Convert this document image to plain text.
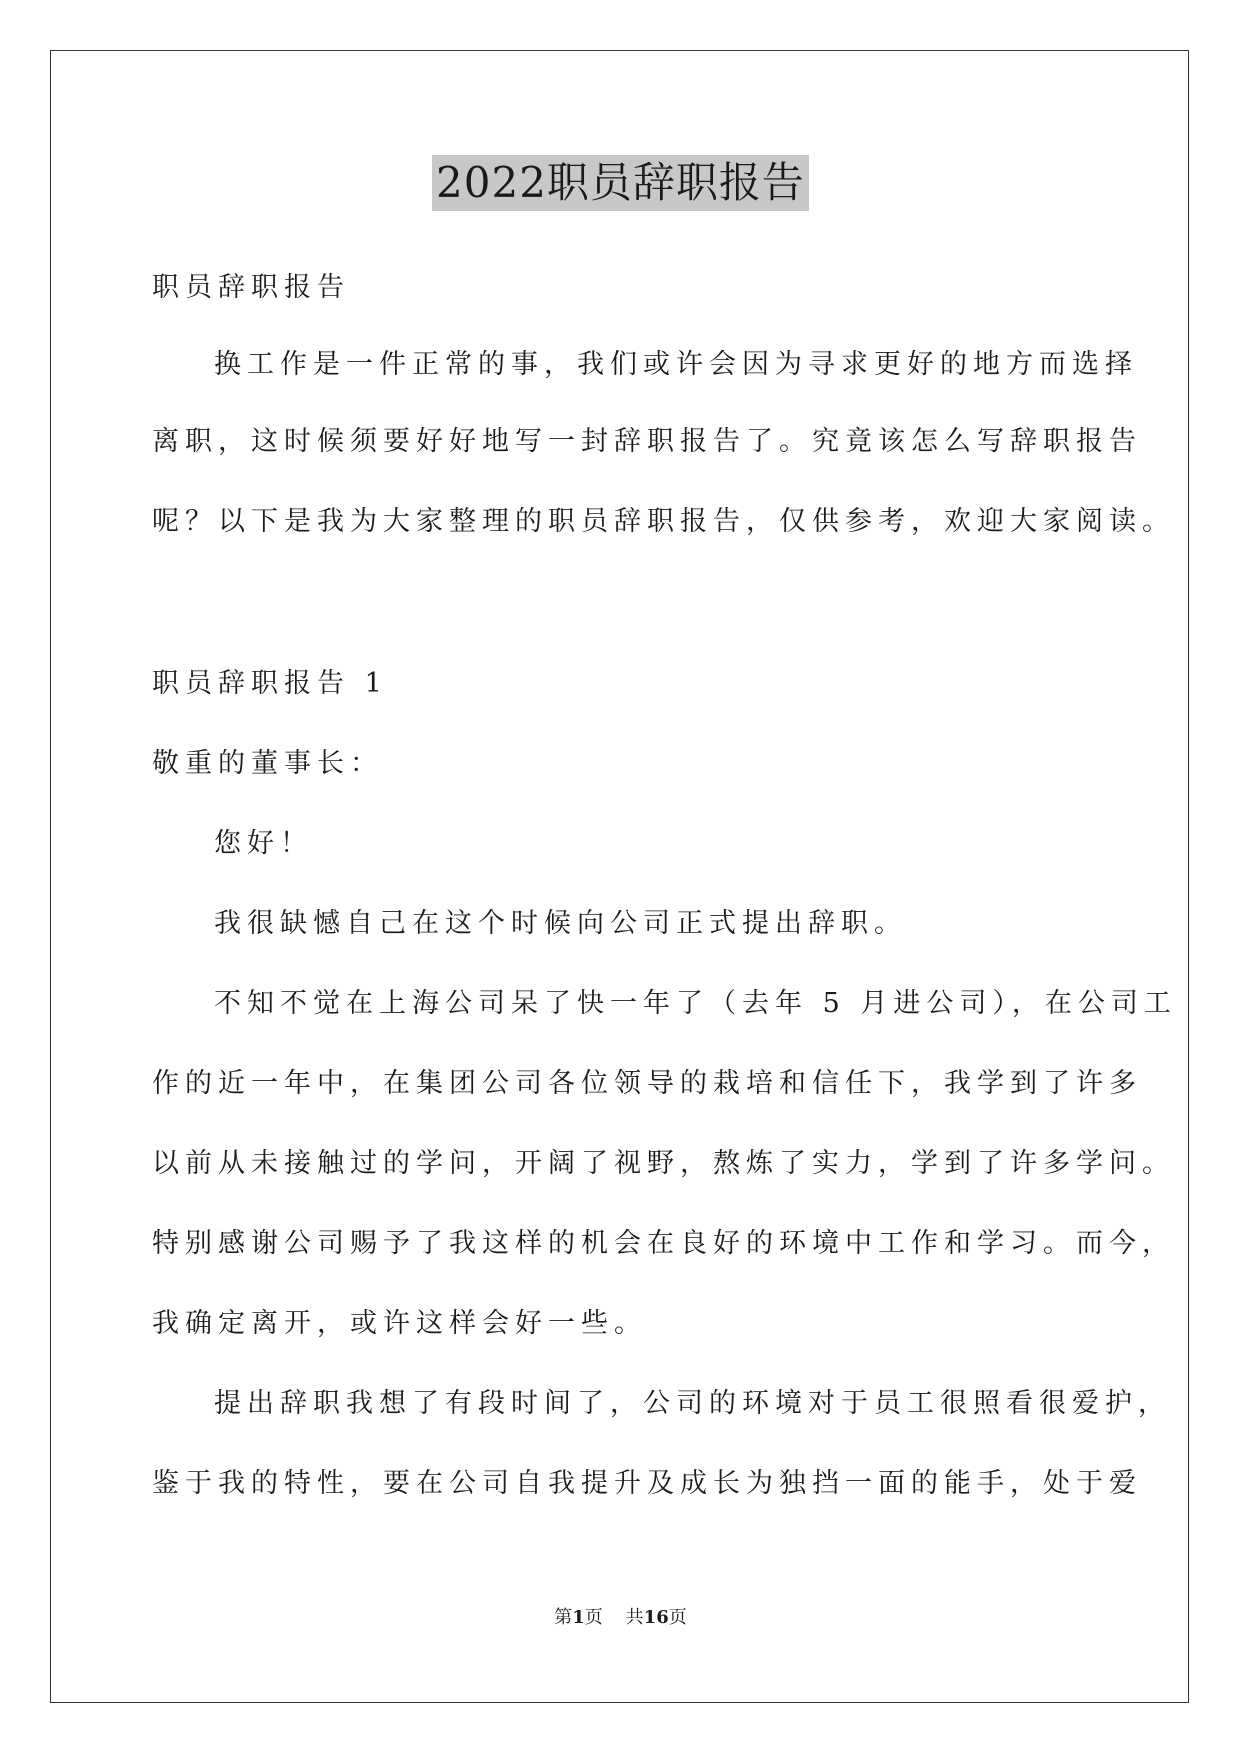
2022职员辞职报告
职员辞职报告
换工作是一件正常的事，我们或许会因为寻求更好的地方而选择
离职，这时候须要好好地写一封辞职报告了。究竟该怎么写辞职报告
呢？以下是我为大家整理的职员辞职报告，仅供参考，欢迎大家阅读。
职员辞职报告 1
敬重的董事长：
您好！
我很缺憾自己在这个时候向公司正式提出辞职。
不知不觉在上海公司呆了快一年了（去年 5 月进公司），在公司工
作的近一年中，在集团公司各位领导的栽培和信任下，我学到了许多
以前从未接触过的学问，开阔了视野，熬炼了实力，学到了许多学问。
特别感谢公司赐予了我这样的机会在良好的环境中工作和学习。而今，
我确定离开，或许这样会好一些。
提出辞职我想了有段时间了，公司的环境对于员工很照看很爱护，
鉴于我的特性，要在公司自我提升及成长为独挡一面的能手，处于爱
第1页 共16页
